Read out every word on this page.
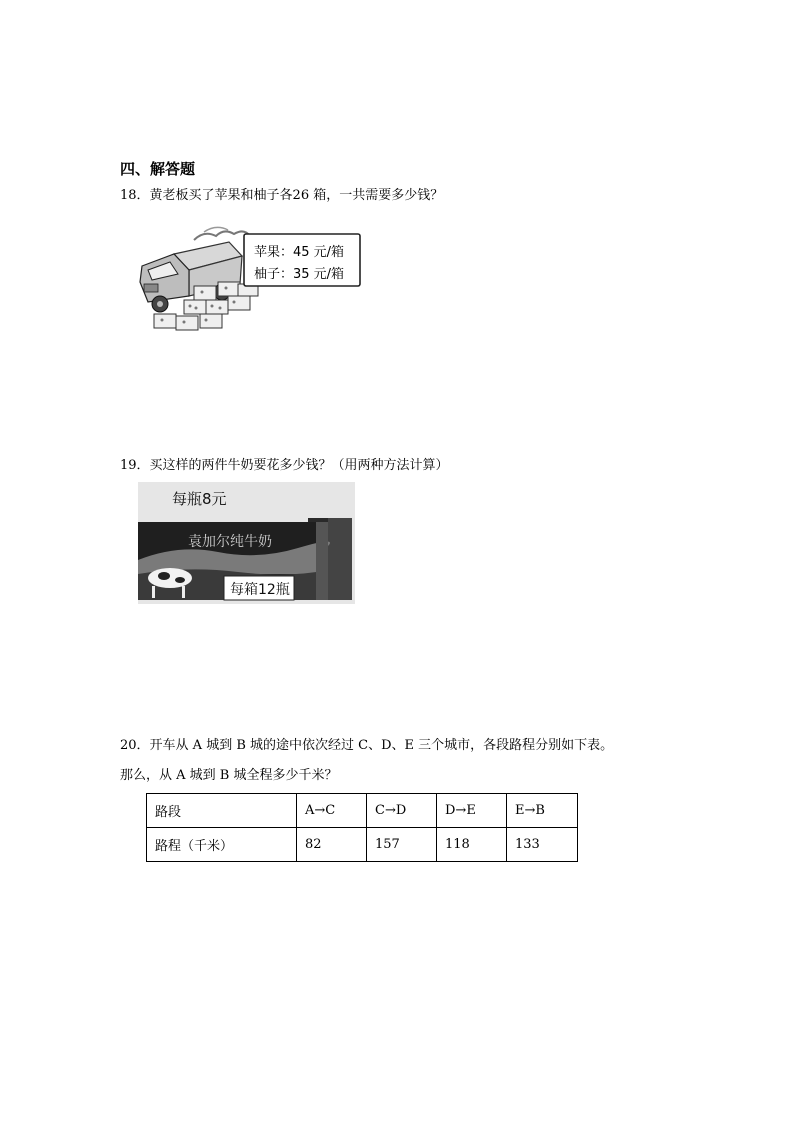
四、解答题
18．黄老板买了苹果和柚子各26 箱，一共需要多少钱？
苹果：45 元/箱
柚子：35 元/箱
19．买这样的两件牛奶要花多少钱？（用两种方法计算）
袁加尔纯牛奶
每瓶8元
每箱12瓶
20．开车从 A 城到 B 城的途中依次经过 C、D、E 三个城市，各段路程分别如下表。
那么，从 A 城到 B 城全程多少千米？
路段	A→C	C→D	D→E	E→B
路程（千米）	82	157	118	133
